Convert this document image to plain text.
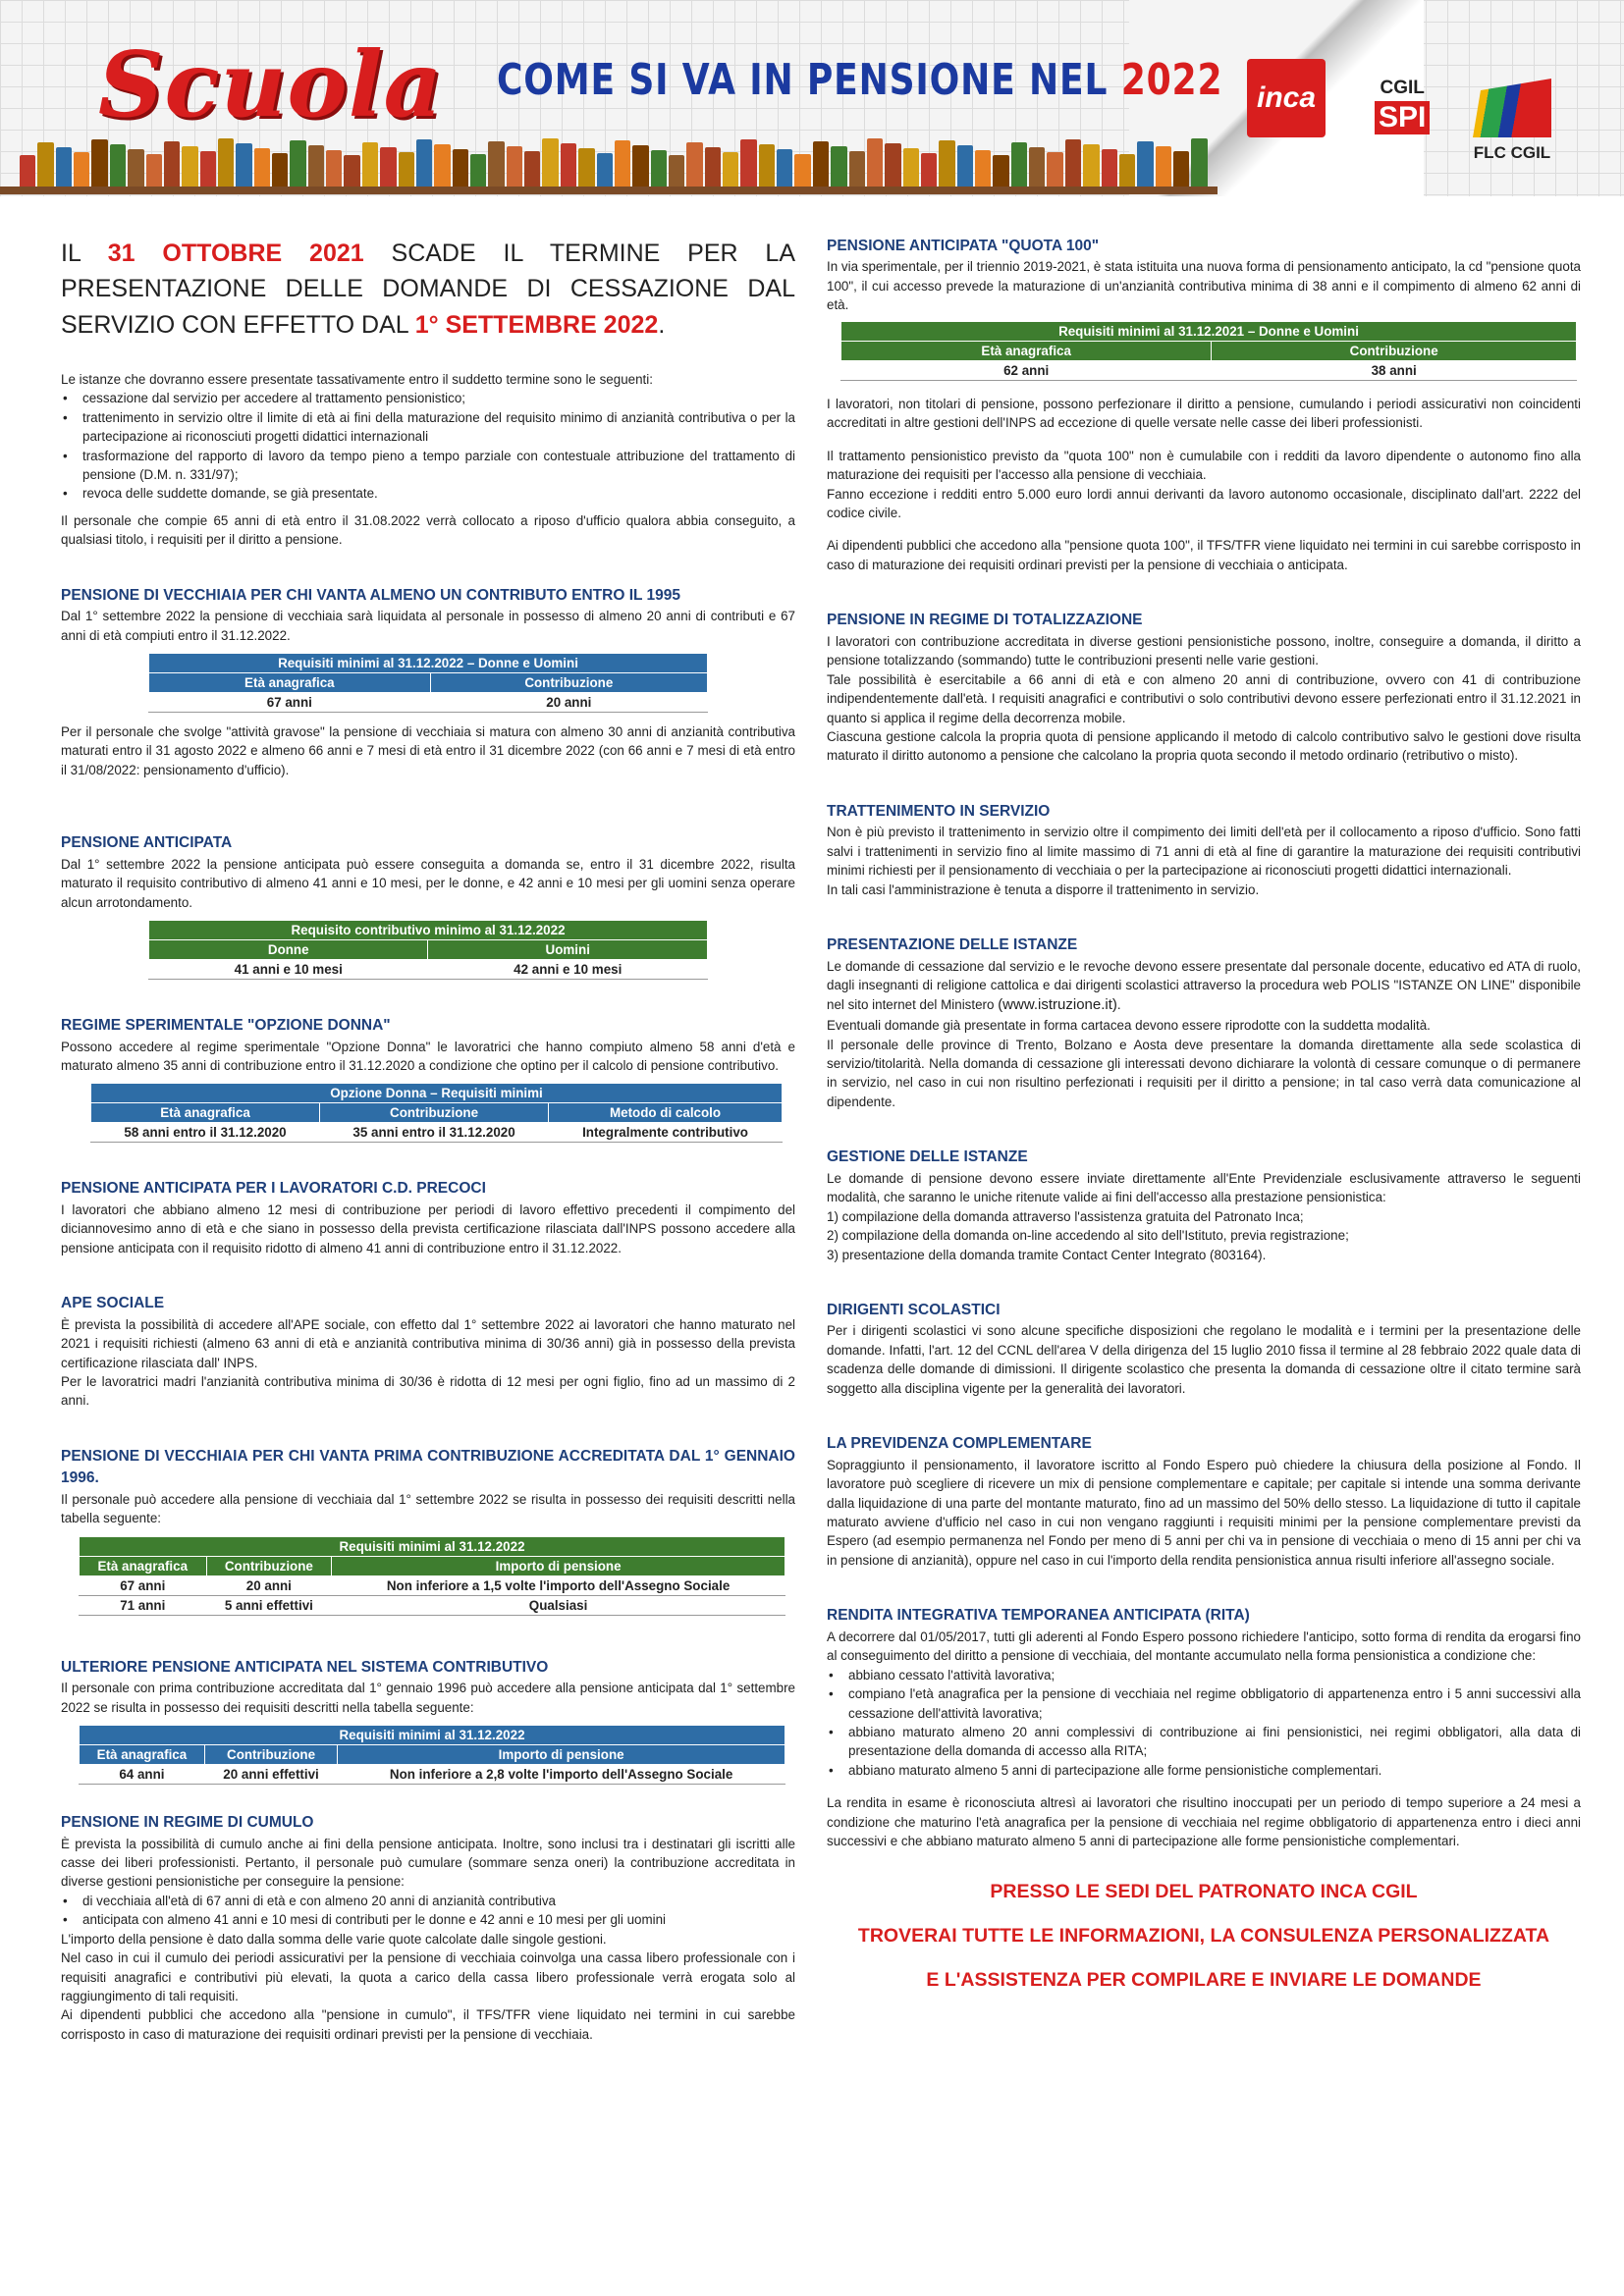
Scuola COME SI VA IN PENSIONE NEL 2022 inca	CGIL
SPI
FLC CGIL
IL 31 OTTOBRE 2021 SCADE IL TERMINE PER LA PRESENTAZIONE DELLE DOMANDE DI CESSAZIONE DAL SERVIZIO CON EFFETTO DAL 1° SETTEMBRE 2022.

Le istanze che dovranno essere presentate tassativamente entro il suddetto termine sono le seguenti:

• cessazione dal servizio per accedere al trattamento pensionistico;
• trattenimento in servizio oltre il limite di età ai fini della maturazione del requisito minimo di anzianità contributiva o per la partecipazione ai riconosciuti progetti didattici internazionali
• trasformazione del rapporto di lavoro da tempo pieno a tempo parziale con contestuale attribuzione del trattamento di pensione (D.M. n. 331/97);
• revoca delle suddette domande, se già presentate.

Il personale che compie 65 anni di età entro il 31.08.2022 verrà collocato a riposo d'ufficio qualora abbia conseguito, a qualsiasi titolo, i requisiti per il diritto a pensione.

PENSIONE DI VECCHIAIA PER CHI VANTA ALMENO UN CONTRIBUTO ENTRO IL 1995

Dal 1° settembre 2022 la pensione di vecchiaia sarà liquidata al personale in possesso di almeno 20 anni di contributi e 67 anni di età compiuti entro il 31.12.2022.

Requisiti minimi al 31.12.2022 – Donne e Uomini	
Età anagrafica	Contribuzione
67 anni	20 anni

Per il personale che svolge "attività gravose" la pensione di vecchiaia si matura con almeno 30 anni di anzianità contributiva maturati entro il 31 agosto 2022 e almeno 66 anni e 7 mesi di età entro il 31 dicembre 2022 (con 66 anni e 7 mesi di età entro il 31/08/2022: pensionamento d'ufficio).

PENSIONE ANTICIPATA

Dal 1° settembre 2022 la pensione anticipata può essere conseguita a domanda se, entro il 31 dicembre 2022, risulta maturato il requisito contributivo di almeno 41 anni e 10 mesi, per le donne, e 42 anni e 10 mesi per gli uomini senza operare alcun arrotondamento.

Requisito contributivo minimo al 31.12.2022	
Donne	Uomini
41 anni e 10 mesi	42 anni e 10 mesi
REGIME SPERIMENTALE "OPZIONE DONNA"

Possono accedere al regime sperimentale "Opzione Donna" le lavoratrici che hanno compiuto almeno 58 anni d'età e maturato almeno 35 anni di contribuzione entro il 31.12.2020 a condizione che optino per il calcolo di pensione contributivo.

Opzione Donna – Requisiti minimi		
Età anagrafica	Contribuzione	Metodo di calcolo
58 anni entro il 31.12.2020	35 anni entro il 31.12.2020	Integralmente contributivo
PENSIONE ANTICIPATA PER I LAVORATORI C.D. PRECOCI

I lavoratori che abbiano almeno 12 mesi di contribuzione per periodi di lavoro effettivo precedenti il compimento del diciannovesimo anno di età e che siano in possesso della prevista certificazione rilasciata dall'INPS possono accedere alla pensione anticipata con il requisito ridotto di almeno 41 anni di contribuzione entro il 31.12.2022.

APE SOCIALE

È prevista la possibilità di accedere all'APE sociale, con effetto dal 1° settembre 2022 ai lavoratori che hanno maturato nel 2021 i requisiti richiesti (almeno 63 anni di età e anzianità contributiva minima di 30/36 anni) già in possesso della prevista certificazione rilasciata dall' INPS.

Per le lavoratrici madri l'anzianità contributiva minima di 30/36 è ridotta di 12 mesi per ogni figlio, fino ad un massimo di 2 anni.

PENSIONE DI VECCHIAIA PER CHI VANTA PRIMA CONTRIBUZIONE ACCREDITATA DAL 1° GENNAIO 1996.

Il personale può accedere alla pensione di vecchiaia dal 1° settembre 2022 se risulta in possesso dei requisiti descritti nella tabella seguente:

Requisiti minimi al 31.12.2022		
Età anagrafica	Contribuzione	Importo di pensione
67 anni	20 anni	Non inferiore a 1,5 volte l'importo dell'Assegno Sociale
71 anni	5 anni effettivi	Qualsiasi
ULTERIORE PENSIONE ANTICIPATA NEL SISTEMA CONTRIBUTIVO

Il personale con prima contribuzione accreditata dal 1° gennaio 1996 può accedere alla pensione anticipata dal 1° settembre 2022 se risulta in possesso dei requisiti descritti nella tabella seguente:

Requisiti minimi al 31.12.2022		
Età anagrafica	Contribuzione	Importo di pensione
64 anni	20 anni effettivi	Non inferiore a 2,8 volte l'importo dell'Assegno Sociale
PENSIONE IN REGIME DI CUMULO

È prevista la possibilità di cumulo anche ai fini della pensione anticipata. Inoltre, sono inclusi tra i destinatari gli iscritti alle casse dei liberi professionisti. Pertanto, il personale può cumulare (sommare senza oneri) la contribuzione accreditata in diverse gestioni pensionistiche per conseguire la pensione:

• di vecchiaia all'età di 67 anni di età e con almeno 20 anni di anzianità contributiva
• anticipata con almeno 41 anni e 10 mesi di contributi per le donne e 42 anni e 10 mesi per gli uomini

L'importo della pensione è dato dalla somma delle varie quote calcolate dalle singole gestioni.

Nel caso in cui il cumulo dei periodi assicurativi per la pensione di vecchiaia coinvolga una cassa libero professionale con i requisiti anagrafici e contributivi più elevati, la quota a carico della cassa libero professionale verrà erogata solo al raggiungimento di tali requisiti.

Ai dipendenti pubblici che accedono alla "pensione in cumulo", il TFS/TFR viene liquidato nei termini in cui sarebbe corrisposto in caso di maturazione dei requisiti ordinari previsti per la pensione di vecchiaia.

PENSIONE ANTICIPATA "QUOTA 100"

In via sperimentale, per il triennio 2019-2021, è stata istituita una nuova forma di pensionamento anticipato, la cd "pensione quota 100", il cui accesso prevede la maturazione di un'anzianità contributiva minima di 38 anni e il compimento di almeno 62 anni di età.

Requisiti minimi al 31.12.2021 – Donne e Uomini	
Età anagrafica	Contribuzione
62 anni	38 anni

I lavoratori, non titolari di pensione, possono perfezionare il diritto a pensione, cumulando i periodi assicurativi non coincidenti accreditati in altre gestioni dell'INPS ad eccezione di quelle versate nelle casse dei liberi professionisti.

Il trattamento pensionistico previsto da "quota 100" non è cumulabile con i redditi da lavoro dipendente o autonomo fino alla maturazione dei requisiti per l'accesso alla pensione di vecchiaia.

Fanno eccezione i redditi entro 5.000 euro lordi annui derivanti da lavoro autonomo occasionale, disciplinato dall'art. 2222 del codice civile.

Ai dipendenti pubblici che accedono alla "pensione quota 100", il TFS/TFR viene liquidato nei termini in cui sarebbe corrisposto in caso di maturazione dei requisiti ordinari previsti per la pensione di vecchiaia o anticipata.

PENSIONE IN REGIME DI TOTALIZZAZIONE

I lavoratori con contribuzione accreditata in diverse gestioni pensionistiche possono, inoltre, conseguire a domanda, il diritto a pensione totalizzando (sommando) tutte le contribuzioni presenti nelle varie gestioni.

Tale possibilità è esercitabile a 66 anni di età e con almeno 20 anni di contribuzione, ovvero con 41 di contribuzione indipendentemente dall'età. I requisiti anagrafici e contributivi o solo contributivi devono essere perfezionati entro il 31.12.2021 in quanto si applica il regime della decorrenza mobile.

Ciascuna gestione calcola la propria quota di pensione applicando il metodo di calcolo contributivo salvo le gestioni dove risulta maturato il diritto autonomo a pensione che calcolano la propria quota secondo il metodo ordinario (retributivo o misto).

TRATTENIMENTO IN SERVIZIO

Non è più previsto il trattenimento in servizio oltre il compimento dei limiti dell'età per il collocamento a riposo d'ufficio. Sono fatti salvi i trattenimenti in servizio fino al limite massimo di 71 anni di età al fine di garantire la maturazione dei requisiti contributivi minimi richiesti per il pensionamento di vecchiaia o per la partecipazione ai riconosciuti progetti didattici internazionali.

In tali casi l'amministrazione è tenuta a disporre il trattenimento in servizio.

PRESENTAZIONE DELLE ISTANZE

Le domande di cessazione dal servizio e le revoche devono essere presentate dal personale docente, educativo ed ATA di ruolo, dagli insegnanti di religione cattolica e dai dirigenti scolastici attraverso la procedura web POLIS "ISTANZE ON LINE" disponibile nel sito internet del Ministero (www.istruzione.it).

Eventuali domande già presentate in forma cartacea devono essere riprodotte con la suddetta modalità.

Il personale delle province di Trento, Bolzano e Aosta deve presentare la domanda direttamente alla sede scolastica di servizio/titolarità. Nella domanda di cessazione gli interessati devono dichiarare la volontà di cessare comunque o di permanere in servizio, nel caso in cui non risultino perfezionati i requisiti per il diritto a pensione; in tal caso verrà data comunicazione al dipendente.

GESTIONE DELLE ISTANZE

Le domande di pensione devono essere inviate direttamente all'Ente Previdenziale esclusivamente attraverso le seguenti modalità, che saranno le uniche ritenute valide ai fini dell'accesso alla prestazione pensionistica:

1) compilazione della domanda attraverso l'assistenza gratuita del Patronato Inca;
2) compilazione della domanda on-line accedendo al sito dell'Istituto, previa registrazione;
3) presentazione della domanda tramite Contact Center Integrato (803164).
DIRIGENTI SCOLASTICI

Per i dirigenti scolastici vi sono alcune specifiche disposizioni che regolano le modalità e i termini per la presentazione delle domande. Infatti, l'art. 12 del CCNL dell'area V della dirigenza del 15 luglio 2010 fissa il termine al 28 febbraio 2022 quale data di scadenza delle domande di dimissioni. Il dirigente scolastico che presenta la domanda di cessazione oltre il citato termine sarà soggetto alla disciplina vigente per la generalità dei lavoratori.

LA PREVIDENZA COMPLEMENTARE

Sopraggiunto il pensionamento, il lavoratore iscritto al Fondo Espero può chiedere la chiusura della posizione al Fondo. Il lavoratore può scegliere di ricevere un mix di pensione complementare e capitale; per capitale si intende una somma derivante dalla liquidazione di una parte del montante maturato, fino ad un massimo del 50% dello stesso. La liquidazione di tutto il capitale maturato avviene d'ufficio nel caso in cui non vengano raggiunti i requisiti minimi per la pensione complementare previsti da Espero (ad esempio permanenza nel Fondo per meno di 5 anni per chi va in pensione di vecchiaia o meno di 15 anni per chi va in pensione di anzianità), oppure nel caso in cui l'importo della rendita pensionistica annua risulti inferiore all'assegno sociale.

RENDITA INTEGRATIVA TEMPORANEA ANTICIPATA (RITA)

A decorrere dal 01/05/2017, tutti gli aderenti al Fondo Espero possono richiedere l'anticipo, sotto forma di rendita da erogarsi fino al conseguimento del diritto a pensione di vecchiaia, del montante accumulato nella forma pensionistica a condizione che:

• abbiano cessato l'attività lavorativa;
• compiano l'età anagrafica per la pensione di vecchiaia nel regime obbligatorio di appartenenza entro i 5 anni successivi alla cessazione dell'attività lavorativa;
• abbiano maturato almeno 20 anni complessivi di contribuzione ai fini pensionistici, nei regimi obbligatori, alla data di presentazione della domanda di accesso alla RITA;
• abbiano maturato almeno 5 anni di partecipazione alle forme pensionistiche complementari.

La rendita in esame è riconosciuta altresì ai lavoratori che risultino inoccupati per un periodo di tempo superiore a 24 mesi a condizione che maturino l'età anagrafica per la pensione di vecchiaia nel regime obbligatorio di appartenenza entro i dieci anni successivi e che abbiano maturato almeno 5 anni di partecipazione alle forme pensionistiche complementari.

PRESSO LE SEDI DEL PATRONATO INCA CGIL
TROVERAI TUTTE LE INFORMAZIONI, LA CONSULENZA PERSONALIZZATA
E L'ASSISTENZA PER COMPILARE E INVIARE LE DOMANDE
